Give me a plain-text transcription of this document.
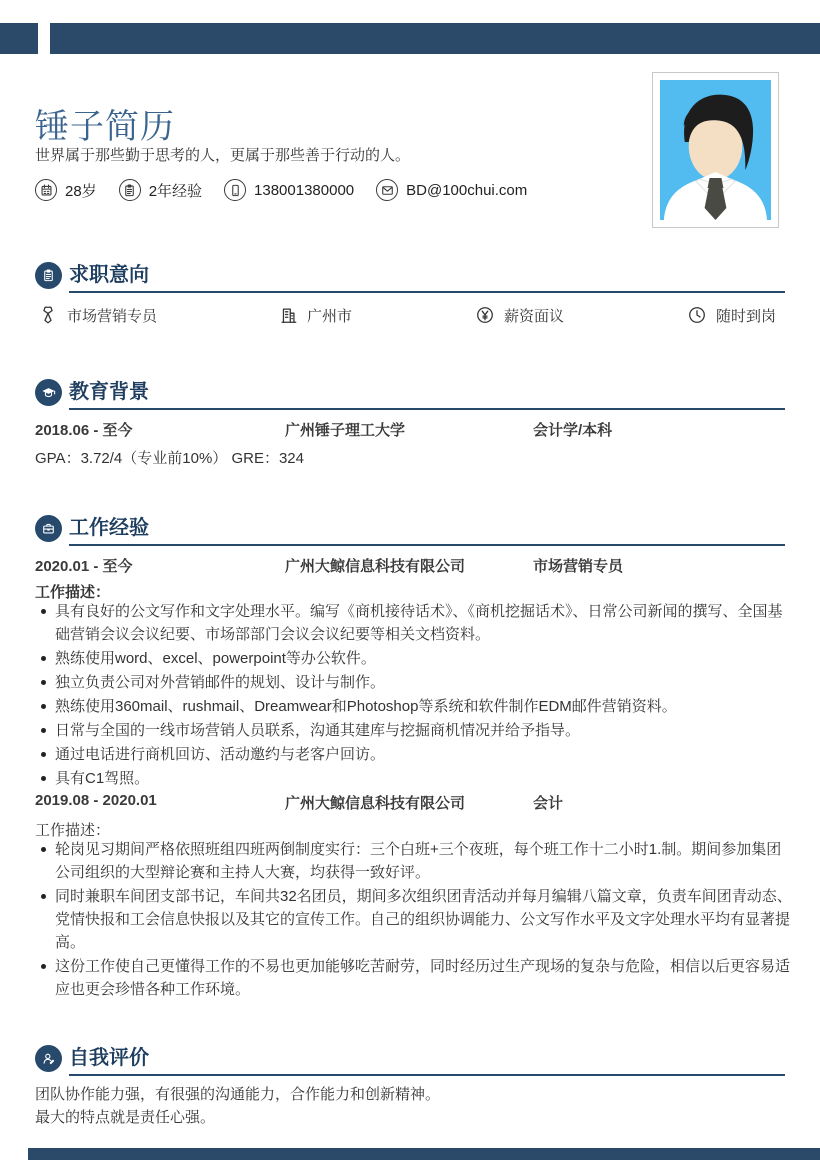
锤子简历
世界属于那些勤于思考的人，更属于那些善于行动的人。
28岁	2年经验	138001380000	BD@100chui.com
求职意向
市场营销专员	广州市	薪资面议	随时到岗
教育背景
2018.06 - 至今	广州锤子理工大学	会计学/本科
GPA：3.72/4（专业前10%） GRE：324
工作经验
2020.01 - 至今	广州大鲸信息科技有限公司	市场营销专员
工作描述：
具有良好的公文写作和文字处理水平。编写《商机接待话术》、《商机挖掘话术》、日常公司新闻的撰写、全国基础营销会议会议纪要、市场部部门会议会议纪要等相关文档资料。
熟练使用word、excel、powerpoint等办公软件。
独立负责公司对外营销邮件的规划、设计与制作。
熟练使用360mail、rushmail、Dreamwear和Photoshop等系统和软件制作EDM邮件营销资料。
日常与全国的一线市场营销人员联系，沟通其建库与挖掘商机情况并给予指导。
通过电话进行商机回访、活动邀约与老客户回访。
具有C1驾照。
2019.08 - 2020.01	广州大鲸信息科技有限公司	会计
工作描述：
轮岗见习期间严格依照班组四班两倒制度实行：三个白班+三个夜班，每个班工作十二小时1.制。期间参加集团公司组织的大型辩论赛和主持人大赛，均获得一致好评。
同时兼职车间团支部书记，车间共32名团员，期间多次组织团青活动并每月编辑八篇文章，负责车间团青动态、党情快报和工会信息快报以及其它的宣传工作。自己的组织协调能力、公文写作水平及文字处理水平均有显著提高。
这份工作使自己更懂得工作的不易也更加能够吃苦耐劳，同时经历过生产现场的复杂与危险，相信以后更容易适应也更会珍惜各种工作环境。
自我评价

团队协作能力强，有很强的沟通能力，合作能力和创新精神。

最大的特点就是责任心强。
